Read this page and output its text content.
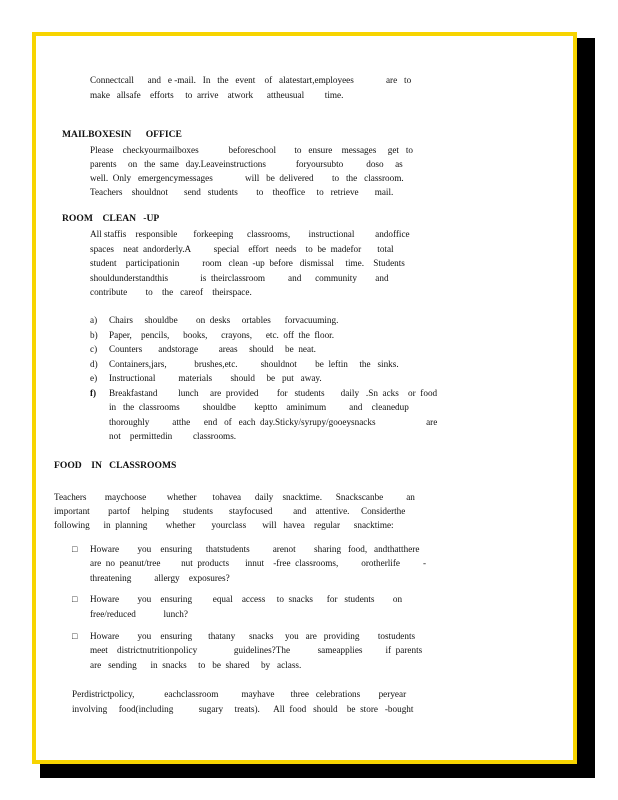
Connectcall      and   e -mail.   In   the   event    of   alatestart,employees              are   to
make   allsafe    efforts     to  arrive    atwork      attheusual         time.
MAILBOXESIN      OFFICE
Please    checkyourmailboxes             beforeschool        to   ensure    messages     get   to
parents     on   the  same   day.Leaveinstructions             foryoursubto          doso     as
well.  Only   emergencymessages              will   be  delivered        to   the   classroom.
Teachers    shouldnot       send   students        to    theoffice     to   retrieve       mail.
ROOM    CLEAN   -UP
All staffis    responsible       forkeeping      classrooms,        instructional         andoffice
spaces    neat  andorderly.A          special    effort   needs    to  be  madefor       total
student    participationin          room   clean  -up  before   dismissal     time.    Students
shouldunderstandthis              is  theirclassroom          and      community        and
contribute        to    the   careof    theirspace.
a) Chairs     shouldbe        on  desks     ortables      forvacuuming.
b) Paper,    pencils,      books,      crayons,      etc.  off  the  floor.
c) Counters       andstorage         areas     should     be  neat.
d) Containers,jars,            brushes,etc.          shouldnot        be  leftin     the   sinks.
e) Instructional          materials        should     be   put   away.
f) Breakfastand         lunch     are  provided        for   students       daily   .Sn  acks    or  food
in   the  classrooms          shouldbe        keptto    aminimum          and    cleanedup
thoroughly          atthe      end   of   each  day.Sticky/syrupy/gooeysnacks                      are
not    permittedin         classrooms.
FOOD    IN   CLASSROOMS
Teachers        maychoose         whether       tohavea      daily    snacktime.      Snackscanbe          an
important        partof     helping      students       stayfocused         and    attentive.     Considerthe
following      in  planning        whether       yourclass       will   havea    regular      snacktime:
□ Howare        you    ensuring      thatstudents          arenot        sharing   food,   andthatthere
are  no  peanut/tree         nut  products       innut    -free  classrooms,          orotherlife          -
threatening          allergy    exposures?
□ Howare        you    ensuring         equal    access     to  snacks      for   students        on
free/reduced            lunch?
□ Howare        you    ensuring       thatany      snacks     you   are   providing        tostudents
meet    districtnutritionpolicy                guidelines?The            sameapplies          if  parents
are   sending      in  snacks     to   be  shared     by   aclass.
Perdistrictpolicy,             eachclassroom          mayhave       three   celebrations        peryear
involving     food(including           sugary     treats).      All  food   should    be  store   -bought
